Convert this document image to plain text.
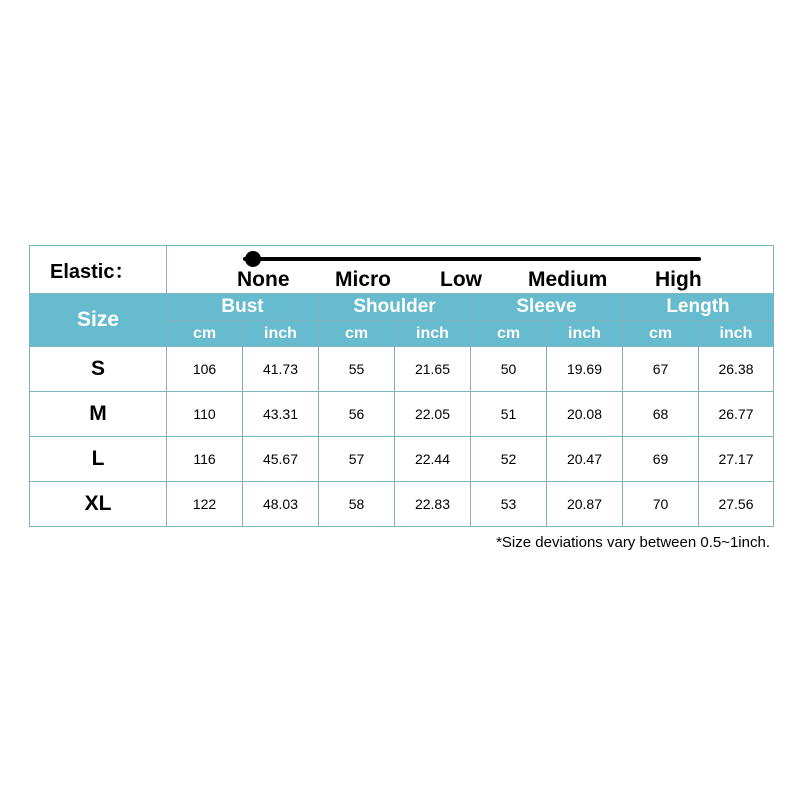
Elastic：	None Micro Low Medium High							

Size	Bust		Shoulder		Sleeve		Length	
	cm	inch	cm	inch	cm	inch	cm	inch
S	106	41.73	55	21.65	50	19.69	67	26.38
M	110	43.31	56	22.05	51	20.08	68	26.77
L	116	45.67	57	22.44	52	20.47	69	27.17
XL	122	48.03	58	22.83	53	20.87	70	27.56
*Size deviations vary between 0.5~1inch.
